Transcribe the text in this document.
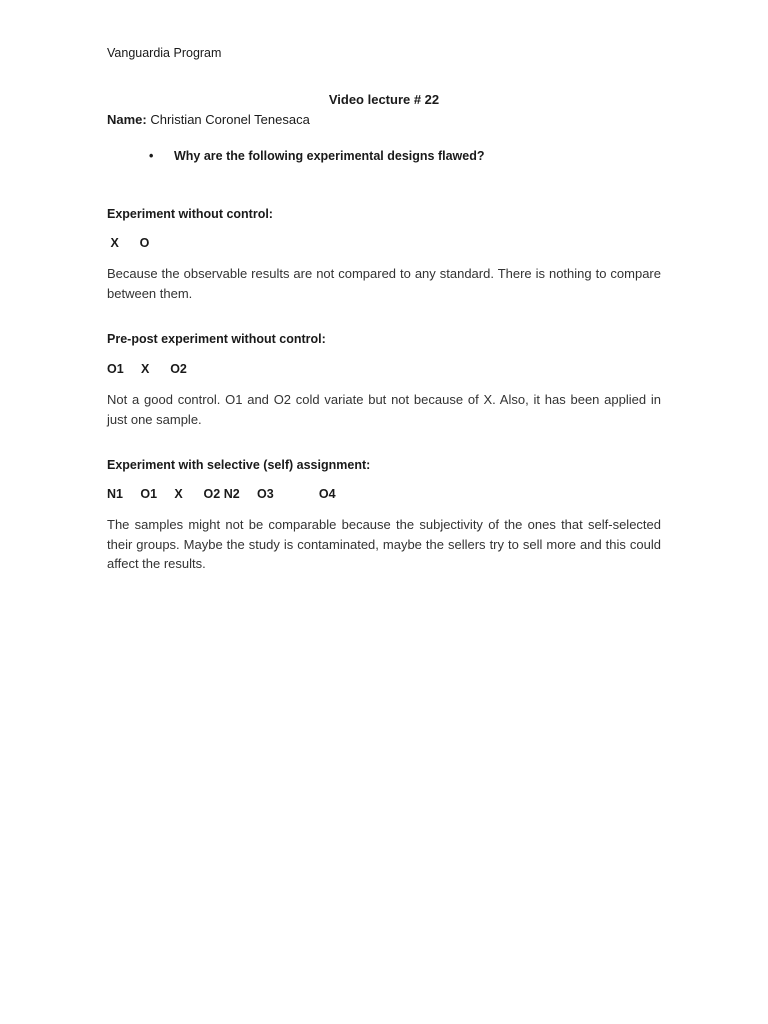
Vanguardia Program
Video lecture # 22
Name: Christian Coronel Tenesaca
• Why are the following experimental designs flawed?
Experiment without control:
X      O
Because the observable results are not compared to any standard. There is nothing to compare between them.
Pre-post experiment without control:
O1     X      O2
Not a good control. O1 and O2 cold variate but not because of X. Also, it has been applied in just one sample.
Experiment with selective (self) assignment:
N1     O1     X      O2 N2     O3             O4
The samples might not be comparable because the subjectivity of the ones that self-selected their groups. Maybe the study is contaminated, maybe the sellers try to sell more and this could affect the results.
